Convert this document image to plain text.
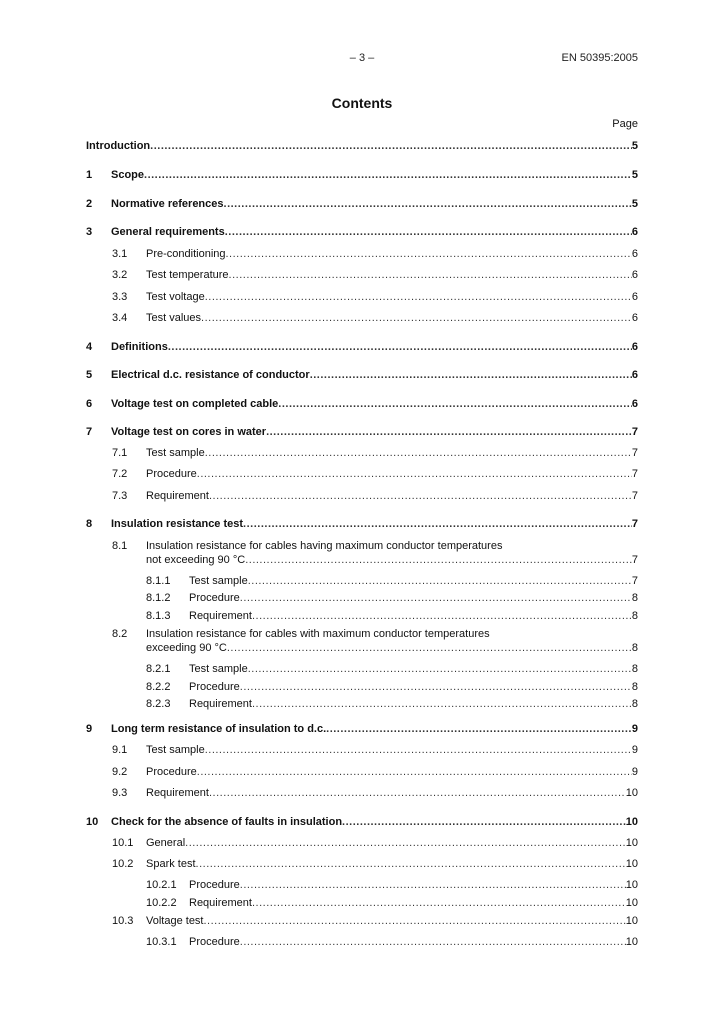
– 3 –	EN 50395:2005
Contents
Page
Introduction .....	5
1 Scope .....	5
2 Normative references .....	5
3 General requirements .....	6
3.1 Pre-conditioning .....	6
3.2 Test temperature .....	6
3.3 Test voltage .....	6
3.4 Test values .....	6
4 Definitions .....	6
5 Electrical d.c. resistance of conductor .....	6
6 Voltage test on completed cable .....	6
7 Voltage test on cores in water .....	7
7.1 Test sample .....	7
7.2 Procedure .....	7
7.3 Requirement .....	7
8 Insulation resistance test .....	7
8.1 Insulation resistance for cables having maximum conductor temperatures
not exceeding 90 °C .....	7
8.1.1 Test sample .....	7
8.1.2 Procedure .....	8
8.1.3 Requirement .....	8
8.2 Insulation resistance for cables with maximum conductor temperatures
exceeding 90 °C .....	8
8.2.1 Test sample .....	8
8.2.2 Procedure .....	8
8.2.3 Requirement .....	8
9 Long term resistance of insulation to d.c. .....	9
9.1 Test sample .....	9
9.2 Procedure .....	9
9.3 Requirement .....	10
10 Check for the absence of faults in insulation .....	10
10.1 General .....	10
10.2 Spark test .....	10
10.2.1 Procedure .....	10
10.2.2 Requirement .....	10
10.3 Voltage test .....	10
10.3.1 Procedure .....	10
